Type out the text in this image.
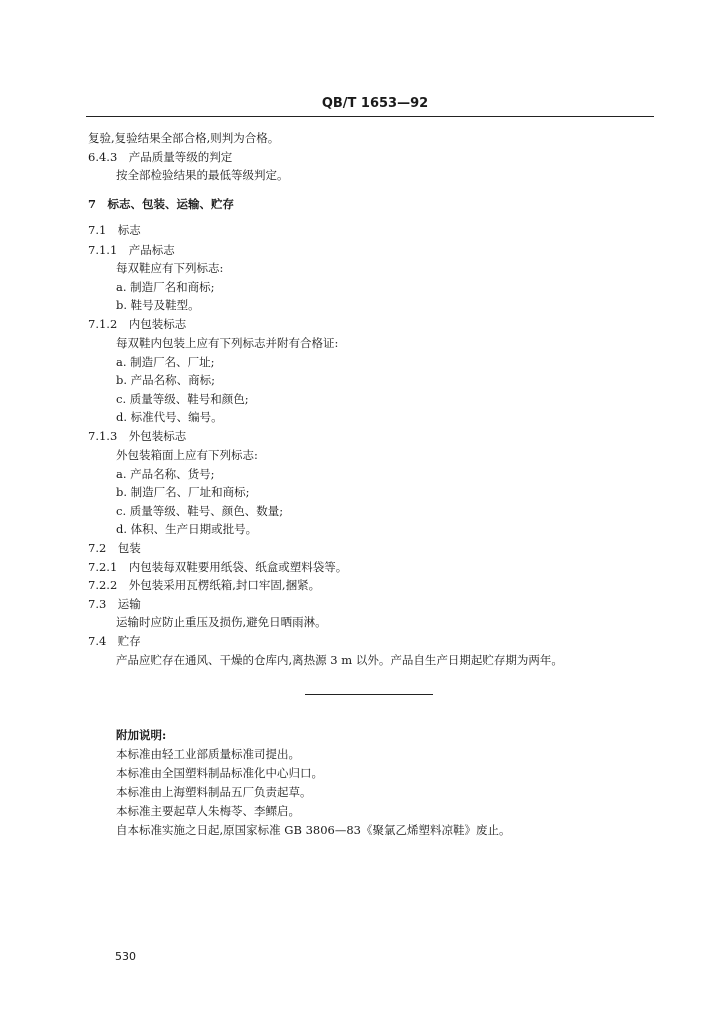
QB/T 1653—92
复验,复验结果全部合格,则判为合格。
6.4.3　产品质量等级的判定
按全部检验结果的最低等级判定。
7　标志、包装、运输、贮存
7.1　标志
7.1.1　产品标志
每双鞋应有下列标志:
a. 制造厂名和商标;
b. 鞋号及鞋型。
7.1.2　内包装标志
每双鞋内包装上应有下列标志并附有合格证:
a. 制造厂名、厂址;
b. 产品名称、商标;
c. 质量等级、鞋号和颜色;
d. 标准代号、编号。
7.1.3　外包装标志
外包装箱面上应有下列标志:
a. 产品名称、货号;
b. 制造厂名、厂址和商标;
c. 质量等级、鞋号、颜色、数量;
d. 体积、生产日期或批号。
7.2　包装
7.2.1　内包装每双鞋要用纸袋、纸盒或塑料袋等。
7.2.2　外包装采用瓦楞纸箱,封口牢固,捆紧。
7.3　运输
运输时应防止重压及损伤,避免日晒雨淋。
7.4　贮存
产品应贮存在通风、干燥的仓库内,离热源 3 m 以外。产品自生产日期起贮存期为两年。
附加说明:
本标准由轻工业部质量标准司提出。
本标准由全国塑料制品标准化中心归口。
本标准由上海塑料制品五厂负责起草。
本标准主要起草人朱梅苓、李鳏启。
自本标准实施之日起,原国家标准 GB 3806—83《聚氯乙烯塑料凉鞋》废止。
530
